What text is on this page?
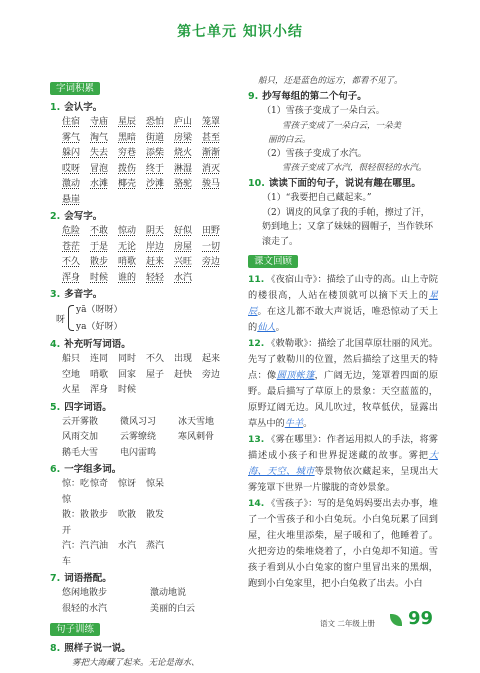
第七单元 知识小结
字词积累
1. 会认字。
住宿	寺庙	星辰	恐怕	庐山	笼罩
雾气	淘气	黑暗	街道	房梁	甚至
躲闪	失去	穷巷	添柴	烧火	渐渐
哎呀	冒泡	拨伤	终于	淋湿	消灭
激动	水滩	椰壳	沙滩	骆驼	骏马
悬崖
2. 会写字。
危险	不敢	惊动	阴天	好似	田野
苍茫	于是	无论	岸边	房屋	一切
不久	散步	哨歌	赶来	兴旺	旁边
浑身	时候	谁的	轻轻	水汽
3. 多音字。
呀
yā（呀呀）
ya（好呀）
4. 补充听写词语。
船只	连同	同时	不久	出现	起来
空地	哨歌	回家	屋子	赶快	旁边
火星	浑身	时候
5. 四字词语。
云开雾散 微风习习 冰天雪地
风雨交加 云雾缭绕 寒风刺骨
鹅毛大雪 电闪雷鸣
6. 一字组多词。
惊：吃惊
惊奇	惊讶	惊呆
散：散开
散步	吹散	散发
汽：汽车
汽油	水汽	蒸汽
7. 词语搭配。
悠闲地散步	激动地说
很轻的水汽	美丽的白云
句子训练
8. 照样子说一说。
雾把大海藏了起来。无论是海水、
船只，还是蓝色的远方，都看不见了。
9. 抄写每组的第二个句子。
（1）雪孩子变成了一朵白云。
雪孩子变成了一朵白云，一朵美
丽的白云。
（2）雪孩子变成了水汽。
雪孩子变成了水汽，很轻很轻的水汽。
10. 读读下面的句子，说说有趣在哪里。
（1）“我要把自己藏起来。”
（2）调皮的风拿了我的手帕，擦过了汗，奶到地上；又拿了妹妹的圆帽子，当作铁环滚走了。
课文回顾
11. 《夜宿山寺》：描绘了山寺的高。山上寺院的楼很高，人站在楼顶就可以摘下天上的星辰。在这儿都不敢大声说话，唯恐惊动了天上的仙人。
12. 《敕勒歌》：描绘了北国草原壮丽的风光。先写了敕勒川的位置，然后描绘了这里天的特点：像圆顶帐篷，广阔无边，笼罩着四面的原野。最后描写了草原上的景象：天空蓝蓝的，原野辽阔无边。风儿吹过，牧草低伏，显露出草丛中的牛羊。
13. 《雾在哪里》：作者运用拟人的手法，将雾描述成小孩子和世界捉迷藏的故事。雾把大海、天空、城市等景物依次藏起来，呈现出大雾笼罩下世界一片朦胧的奇妙景象。
14. 《雪孩子》：写的是兔妈妈要出去办事，堆了一个雪孩子和小白兔玩。小白兔玩累了回到屋，往火堆里添柴，屋子暖和了，他睡着了。火把旁边的柴堆烧着了，小白兔却不知道。雪孩子看到从小白兔家的窗户里冒出来的黑烟，跑到小白兔家里，把小白兔救了出去。小白
语文 二年级上册 99
